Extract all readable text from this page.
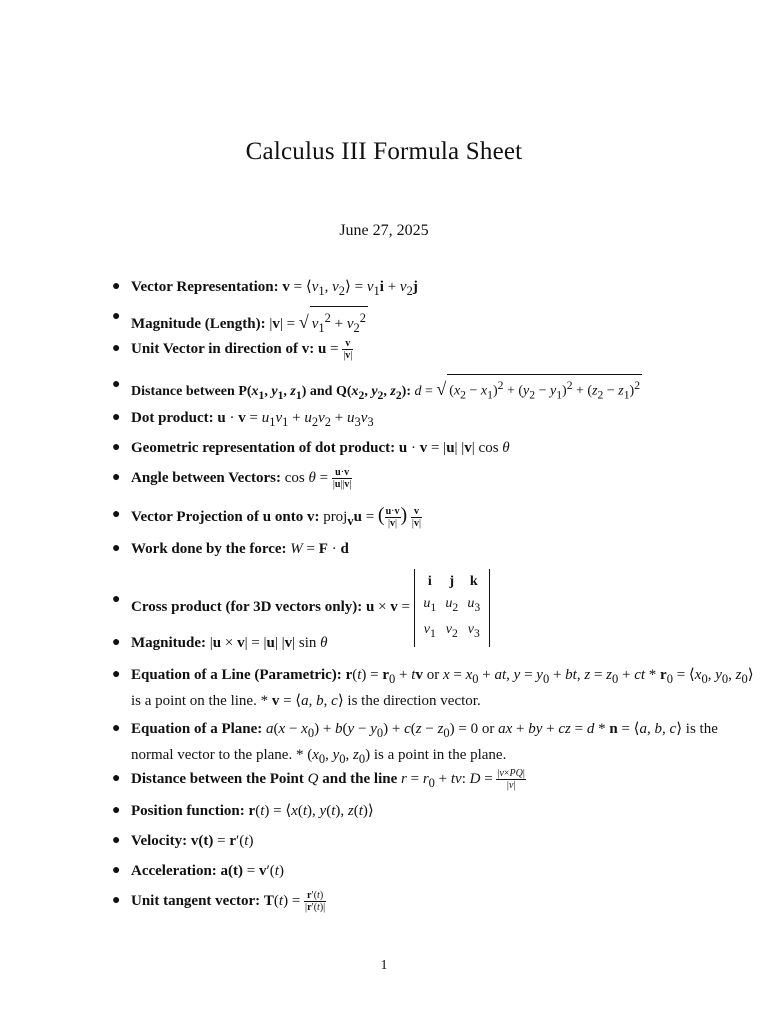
Calculus III Formula Sheet
June 27, 2025
● Vector Representation: $v = ⟨v_1$, $v_2⟩ = v_1i + v_2j$
● Magnitude (Length): |v| = √ $v_1^2 + v_2^2$
● Unit Vector in direction of v: $u = \frac{v}{|v|}$
● Distance between $P(x_1$, $y_1$, $z_1$) and $Q(x_2$, $y_2$, $z_2$): d = √ $(x_2 - x_1)^2 + (y_2 - y_1)^2 + (z_2 - z_1)^2$
● Dot product: $u \cdot v = u_1v_1 + u_2v_2 + u_3v_3$
● Geometric representation of dot product: u · v = |u| |v| cos θ
● Angle between Vectors: $\cos \theta = \frac{u\cdot v}{|u||v|}$
● Vector Projection of u onto v: proj$_v$u = ( $\frac{u\cdot v}{|v|}$ ) $\frac{v}{|v|}$
● Work done by the force: W = F · d
● Cross product (for 3D vectors only): u × v =
i	j	k
$u_1$	$u_2$	$u_3$
$v_1$	$v_2$	$v_3$
● Magnitude: |u × v| = |u| |v| sin θ
● Equation of a Line (Parametric): $r(t) = r_0$ + tv or $x = x_0$ + at, $y = y_0$ + bt, $z = z_0$ + ct * $r_0$ = $⟨x_0$, $y_0$, $z_0⟩$ is a point on the line. * v = ⟨a, b, c⟩ is the direction vector.
● Equation of a Plane: $a(x - x_0) + b(y - y_0) + c(z - z_0) = 0$ or ax + by + cz = d * n = ⟨a, b, c⟩ is the normal vector to the plane. * ($x_0$, $y_0$, $z_0$) is a point in the plane.
● Distance between the Point Q and the line $r = r_0$ + tv: $D = \frac{|v\times PQ|}{|v|}$
● Position function: r(t) = ⟨x(t), y(t), z(t)⟩
● Velocity: v(t) = r′(t)
● Acceleration: a(t) = v′(t)
● Unit tangent vector: $T(t) = \frac{r'(t)}{|r'(t)|}$
1
